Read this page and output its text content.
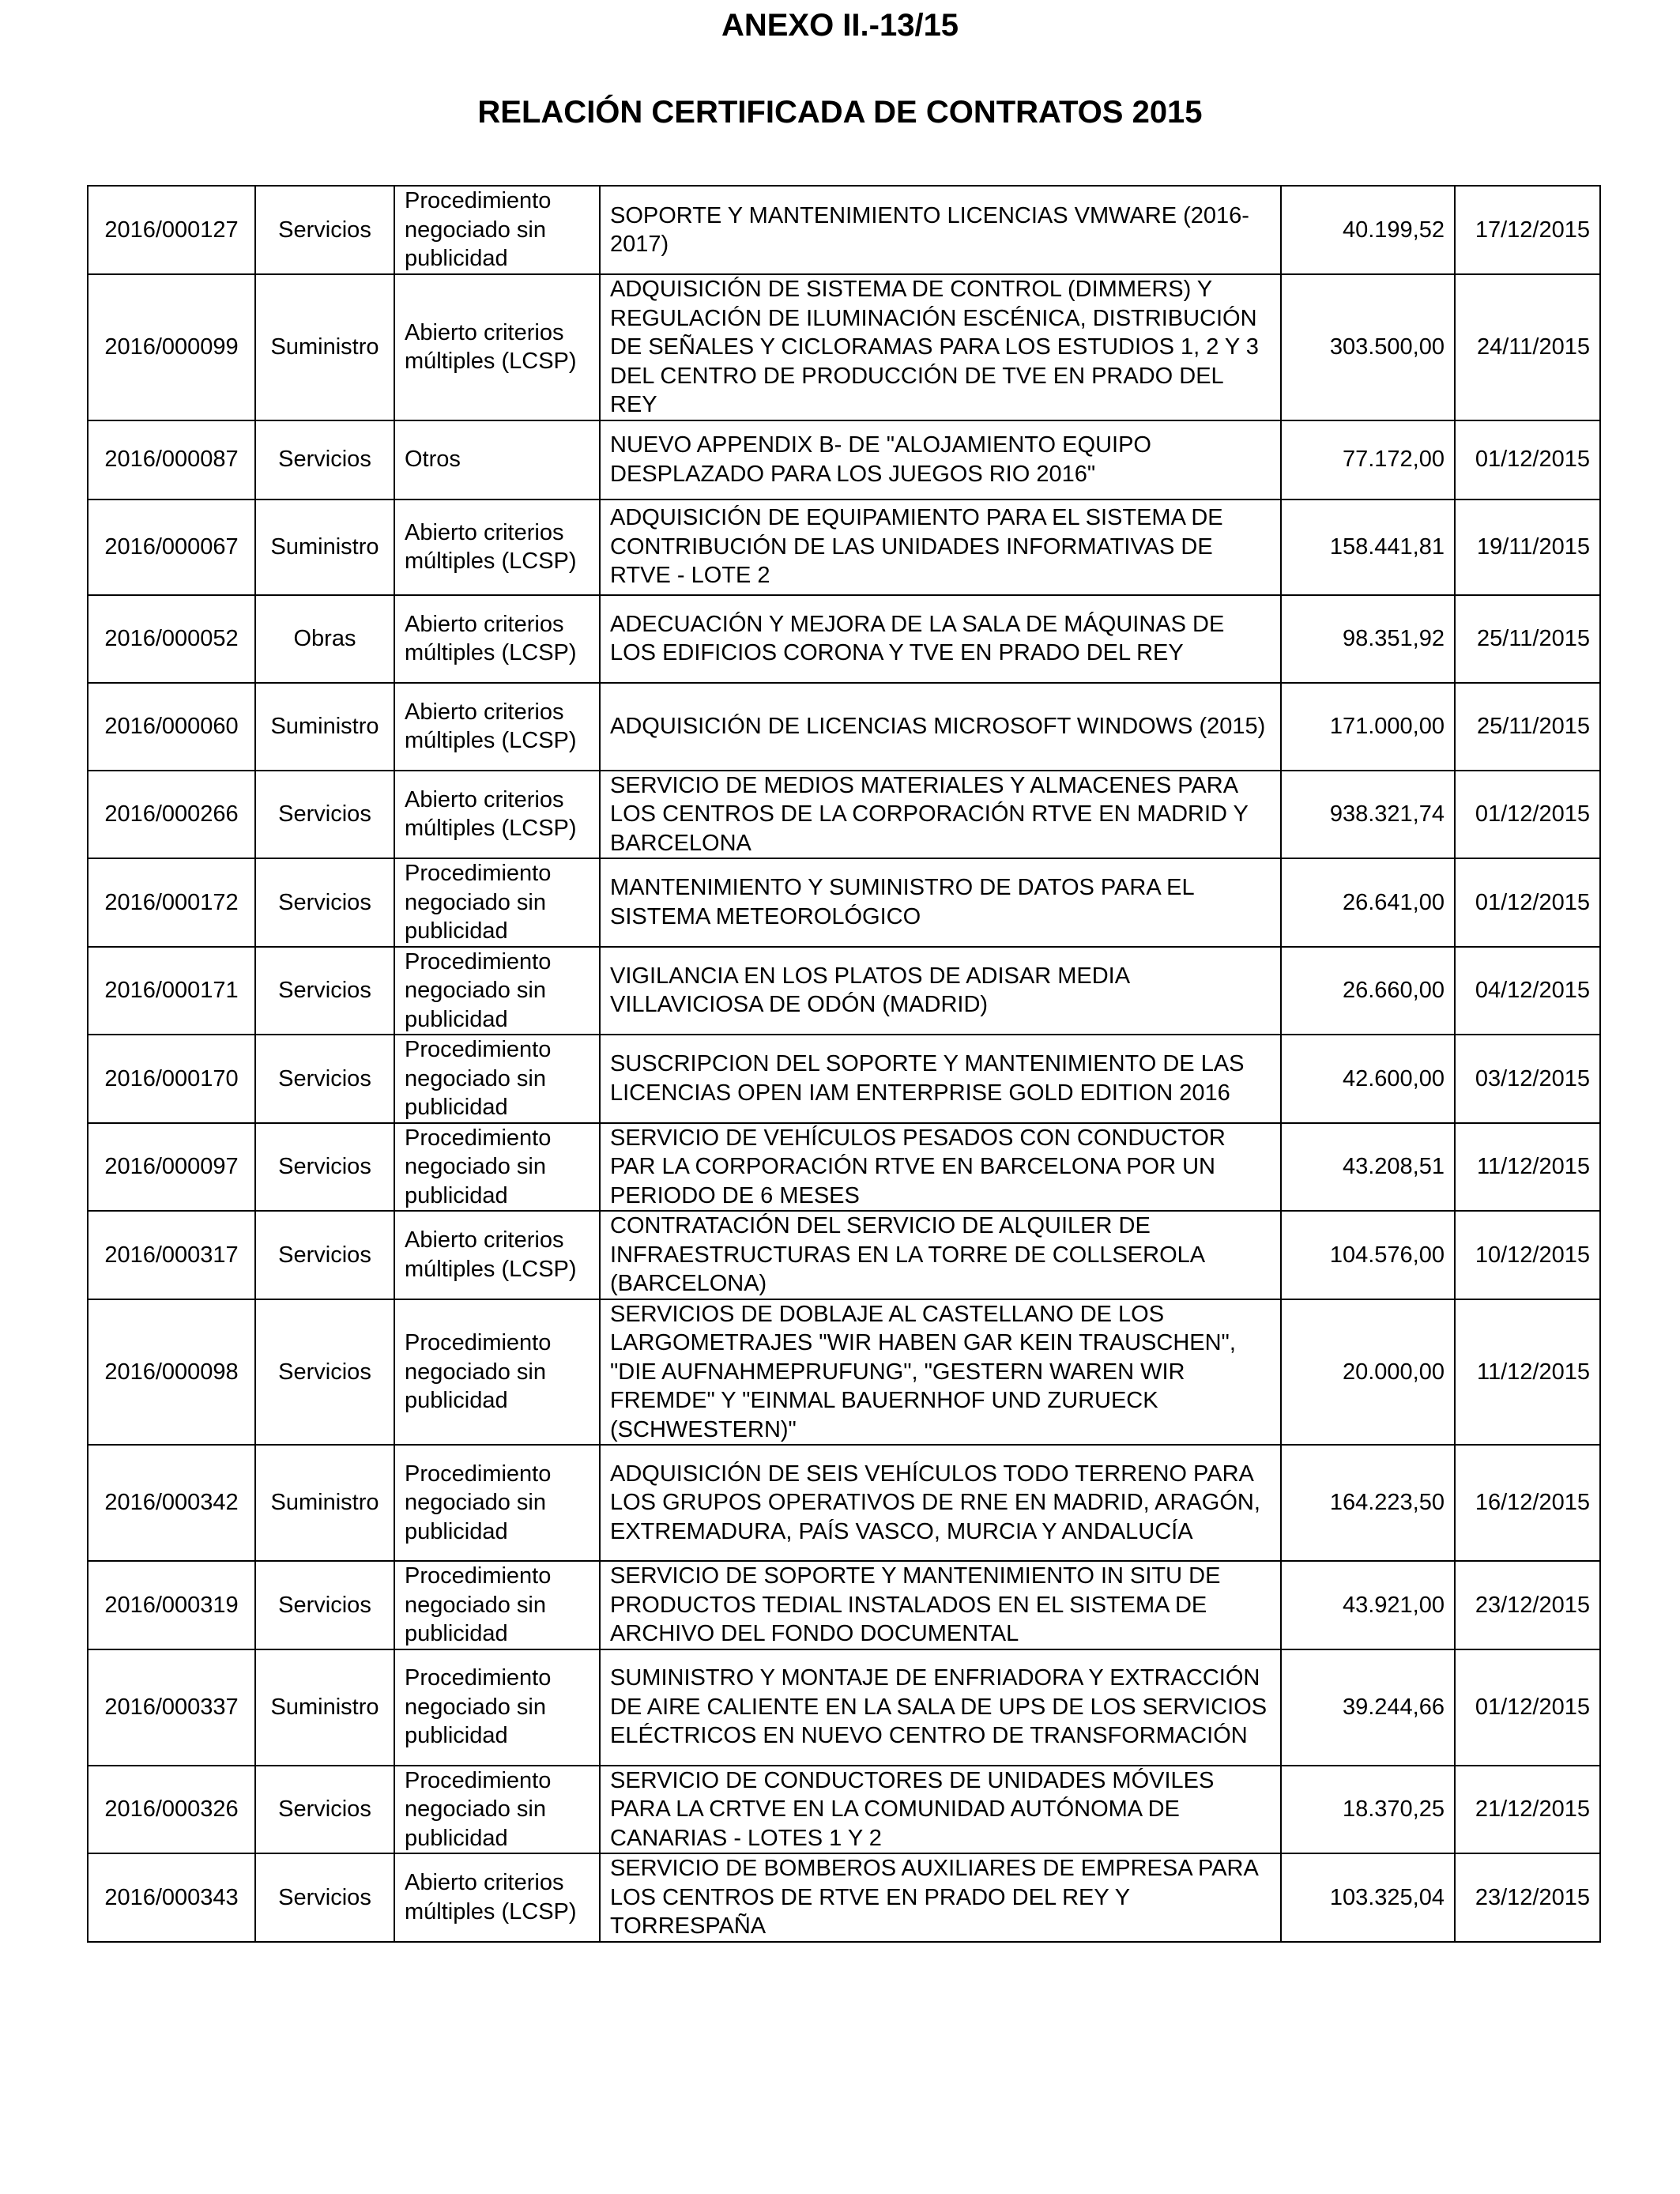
ANEXO II.-13/15
RELACIÓN CERTIFICADA DE CONTRATOS 2015
2016/000127	Servicios	Procedimiento negociado sin publicidad	SOPORTE Y MANTENIMIENTO LICENCIAS VMWARE (2016-2017)	40.199,52	17/12/2015
2016/000099	Suministro	Abierto criterios múltiples (LCSP)	ADQUISICIÓN DE SISTEMA DE CONTROL (DIMMERS) Y REGULACIÓN DE ILUMINACIÓN ESCÉNICA, DISTRIBUCIÓN DE SEÑALES Y CICLORAMAS PARA LOS ESTUDIOS 1, 2 Y 3 DEL CENTRO DE PRODUCCIÓN DE TVE EN PRADO DEL REY	303.500,00	24/11/2015
2016/000087	Servicios	Otros	NUEVO APPENDIX B- DE "ALOJAMIENTO EQUIPO DESPLAZADO PARA LOS JUEGOS RIO 2016"	77.172,00	01/12/2015
2016/000067	Suministro	Abierto criterios múltiples (LCSP)	ADQUISICIÓN DE EQUIPAMIENTO PARA EL SISTEMA DE CONTRIBUCIÓN DE LAS UNIDADES INFORMATIVAS DE RTVE - LOTE 2	158.441,81	19/11/2015
2016/000052	Obras	Abierto criterios múltiples (LCSP)	ADECUACIÓN Y MEJORA DE LA SALA DE MÁQUINAS DE LOS EDIFICIOS CORONA Y TVE EN PRADO DEL REY	98.351,92	25/11/2015
2016/000060	Suministro	Abierto criterios múltiples (LCSP)	ADQUISICIÓN DE LICENCIAS MICROSOFT WINDOWS (2015)	171.000,00	25/11/2015
2016/000266	Servicios	Abierto criterios múltiples (LCSP)	SERVICIO DE MEDIOS MATERIALES Y ALMACENES PARA LOS CENTROS DE LA CORPORACIÓN RTVE EN MADRID Y BARCELONA	938.321,74	01/12/2015
2016/000172	Servicios	Procedimiento negociado sin publicidad	MANTENIMIENTO Y SUMINISTRO DE DATOS PARA EL SISTEMA METEOROLÓGICO	26.641,00	01/12/2015
2016/000171	Servicios	Procedimiento negociado sin publicidad	VIGILANCIA EN LOS PLATOS DE ADISAR MEDIA VILLAVICIOSA DE ODÓN (MADRID)	26.660,00	04/12/2015
2016/000170	Servicios	Procedimiento negociado sin publicidad	SUSCRIPCION DEL SOPORTE Y MANTENIMIENTO DE LAS LICENCIAS OPEN IAM ENTERPRISE GOLD EDITION 2016	42.600,00	03/12/2015
2016/000097	Servicios	Procedimiento negociado sin publicidad	SERVICIO DE VEHÍCULOS PESADOS CON CONDUCTOR PAR LA CORPORACIÓN RTVE EN BARCELONA POR UN PERIODO DE 6 MESES	43.208,51	11/12/2015
2016/000317	Servicios	Abierto criterios múltiples (LCSP)	CONTRATACIÓN DEL SERVICIO DE ALQUILER DE INFRAESTRUCTURAS EN LA TORRE DE COLLSEROLA (BARCELONA)	104.576,00	10/12/2015
2016/000098	Servicios	Procedimiento negociado sin publicidad	SERVICIOS DE DOBLAJE AL CASTELLANO DE LOS LARGOMETRAJES "WIR HABEN GAR KEIN TRAUSCHEN", "DIE AUFNAHMEPRUFUNG", "GESTERN WAREN WIR FREMDE" Y "EINMAL BAUERNHOF UND ZURUECK (SCHWESTERN)"	20.000,00	11/12/2015
2016/000342	Suministro	Procedimiento negociado sin publicidad	ADQUISICIÓN DE SEIS VEHÍCULOS TODO TERRENO PARA LOS GRUPOS OPERATIVOS DE RNE EN MADRID, ARAGÓN, EXTREMADURA, PAÍS VASCO, MURCIA Y ANDALUCÍA	164.223,50	16/12/2015
2016/000319	Servicios	Procedimiento negociado sin publicidad	SERVICIO DE SOPORTE Y MANTENIMIENTO IN SITU DE PRODUCTOS TEDIAL INSTALADOS EN EL SISTEMA DE ARCHIVO DEL FONDO DOCUMENTAL	43.921,00	23/12/2015
2016/000337	Suministro	Procedimiento negociado sin publicidad	SUMINISTRO Y MONTAJE DE ENFRIADORA Y EXTRACCIÓN DE AIRE CALIENTE EN LA SALA DE UPS DE LOS SERVICIOS ELÉCTRICOS EN NUEVO CENTRO DE TRANSFORMACIÓN	39.244,66	01/12/2015
2016/000326	Servicios	Procedimiento negociado sin publicidad	SERVICIO DE CONDUCTORES DE UNIDADES MÓVILES PARA LA CRTVE EN LA COMUNIDAD AUTÓNOMA DE CANARIAS - LOTES 1 Y 2	18.370,25	21/12/2015
2016/000343	Servicios	Abierto criterios múltiples (LCSP)	SERVICIO DE BOMBEROS AUXILIARES DE EMPRESA PARA LOS CENTROS DE RTVE EN PRADO DEL REY Y TORRESPAÑA	103.325,04	23/12/2015
